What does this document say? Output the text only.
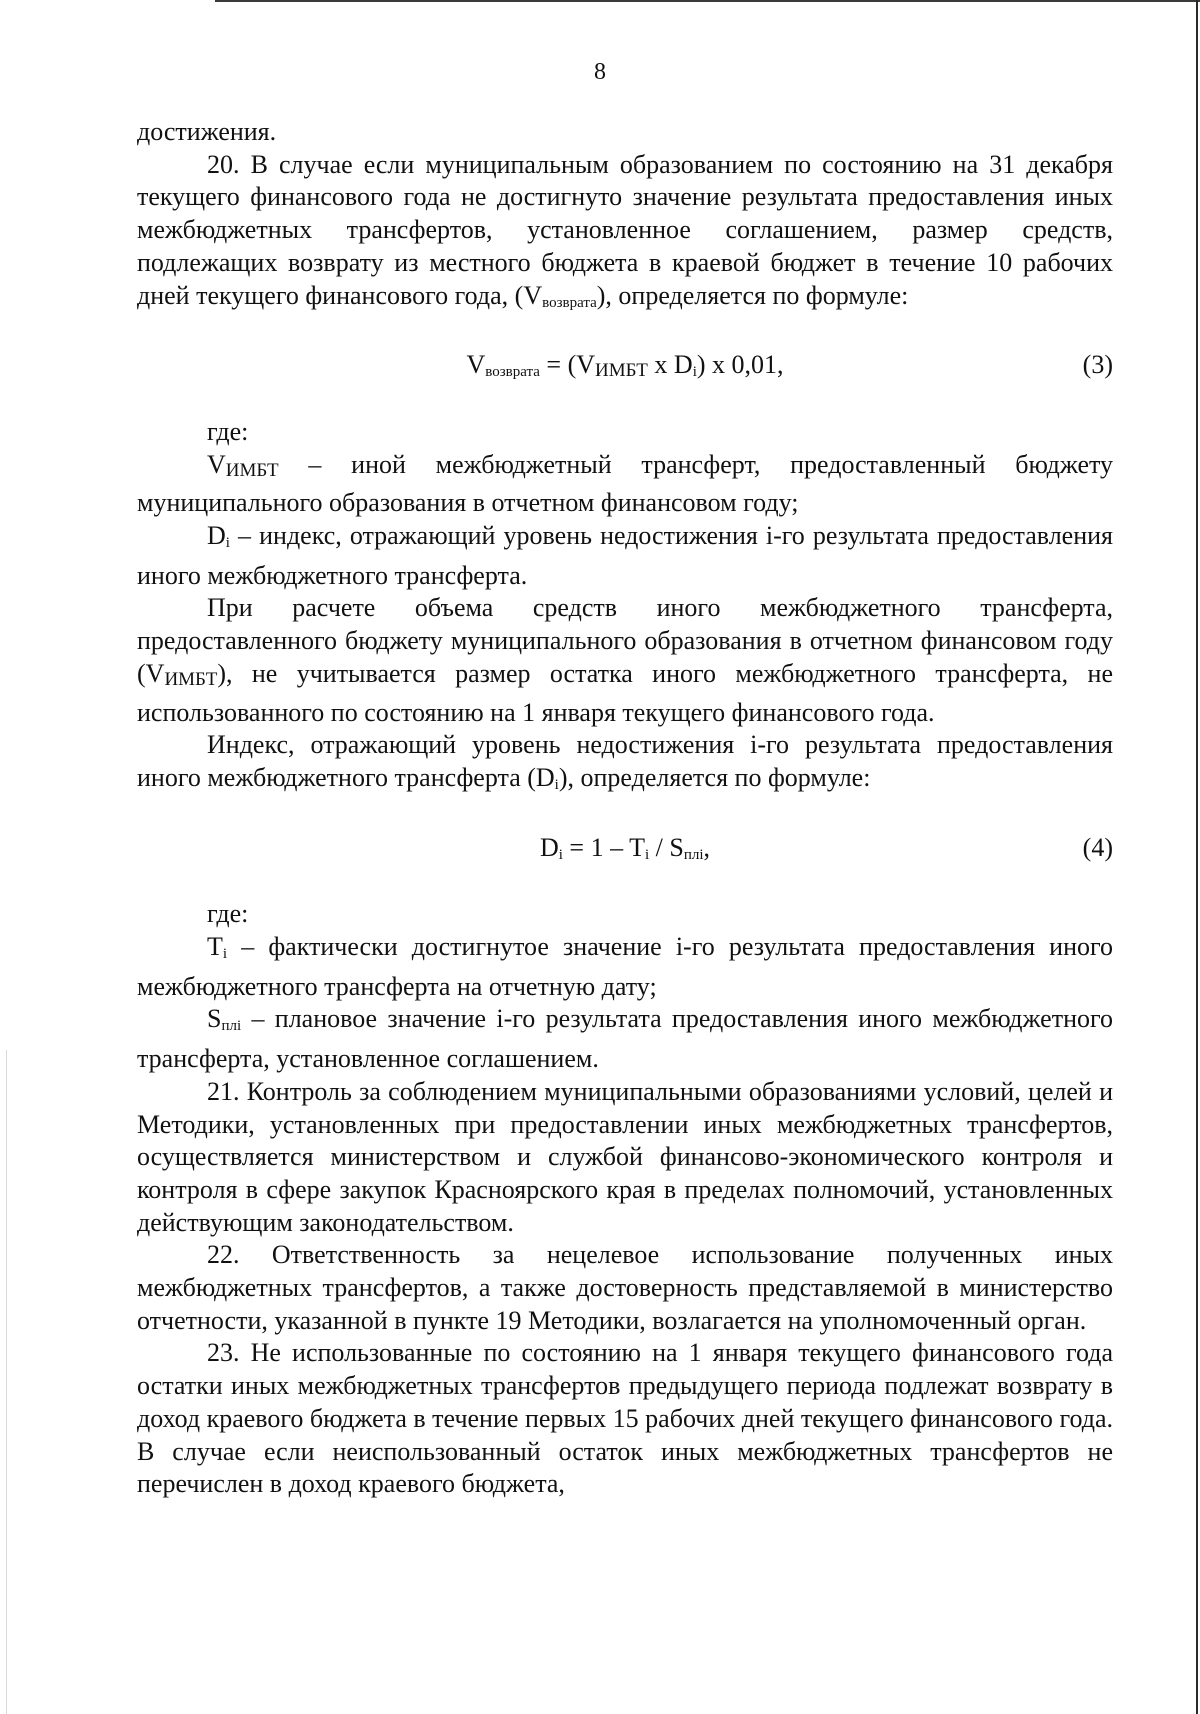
8

достижения.

20. В случае если муниципальным образованием по состоянию на 31 декабря текущего финансового года не достигнуто значение результата предоставления иных межбюджетных трансфертов, установленное соглашением, размер средств, подлежащих возврату из местного бюджета в краевой бюджет в течение 10 рабочих дней текущего финансового года, $(V_{возврата})$, определяется по формуле:

$V_{возврата}$ = (VИМБТ x $D_i$) x 0,01,	(3)

где:

VИМБТ – иной межбюджетный трансферт, предоставленный бюджету муниципального образования в отчетном финансовом году;

$D_i$ – индекс, отражающий уровень недостижения i-го результата предоставления иного межбюджетного трансферта.

При расчете объема средств иного межбюджетного трансферта, предоставленного бюджету муниципального образования в отчетном финансовом году (VИМБТ), не учитывается размер остатка иного межбюджетного трансферта, не использованного по состоянию на 1 января текущего финансового года.

Индекс, отражающий уровень недостижения i-го результата предоставления иного межбюджетного трансферта $(D_i)$, определяется по формуле:

$D_i = 1 - T_i / S_{плi}$,	(4)

где:

$T_i$ – фактически достигнутое значение i-го результата предоставления иного межбюджетного трансферта на отчетную дату;

$S_{плi}$ – плановое значение i-го результата предоставления иного межбюджетного трансферта, установленное соглашением.

21. Контроль за соблюдением муниципальными образованиями условий, целей и Методики, установленных при предоставлении иных межбюджетных трансфертов, осуществляется министерством и службой финансово-экономического контроля и контроля в сфере закупок Красноярского края в пределах полномочий, установленных действующим законодательством.

22. Ответственность за нецелевое использование полученных иных межбюджетных трансфертов, а также достоверность представляемой в министерство отчетности, указанной в пункте 19 Методики, возлагается на уполномоченный орган.

23. Не использованные по состоянию на 1 января текущего финансового года остатки иных межбюджетных трансфертов предыдущего периода подлежат возврату в доход краевого бюджета в течение первых 15 рабочих дней текущего финансового года. В случае если неиспользованный остаток иных межбюджетных трансфертов не перечислен в доход краевого бюджета,
